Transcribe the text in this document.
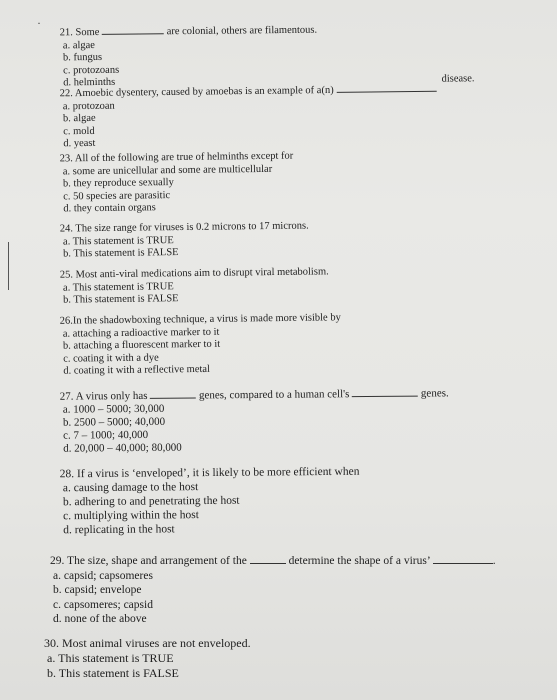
·
21. Some	are colonial, others are filamentous.
a. algae
b. fungus
c. protozoans
d. helminths
22. Amoebic dysentery, caused by amoebas is an example of a(n)
disease.
a. protozoan
b. algae
c. mold
d. yeast
23. All of the following are true of helminths except for
a. some are unicellular and some are multicellular
b. they reproduce sexually
c. 50 species are parasitic
d. they contain organs
24. The size range for viruses is 0.2 microns to 17 microns.
a. This statement is TRUE
b. This statement is FALSE
25. Most anti-viral medications aim to disrupt viral metabolism.
a. This statement is TRUE
b. This statement is FALSE
26.In the shadowboxing technique, a virus is made more visible by
a. attaching a radioactive marker to it
b. attaching a fluorescent marker to it
c. coating it with a dye
d. coating it with a reflective metal
27. A virus only has	genes, compared to a human cell's	genes.
a. 1000 – 5000; 30,000
b. 2500 – 5000; 40,000
c. 7 – 1000; 40,000
d. 20,000 – 40,000; 80,000
28. If a virus is ‘enveloped’, it is likely to be more efficient when
a. causing damage to the host
b. adhering to and penetrating the host
c. multiplying within the host
d. replicating in the host
29. The size, shape and arrangement of the	determine the shape of a virus’	.
a. capsid; capsomeres
b. capsid; envelope
c. capsomeres; capsid
d. none of the above
30. Most animal viruses are not enveloped.
a. This statement is TRUE
b. This statement is FALSE
